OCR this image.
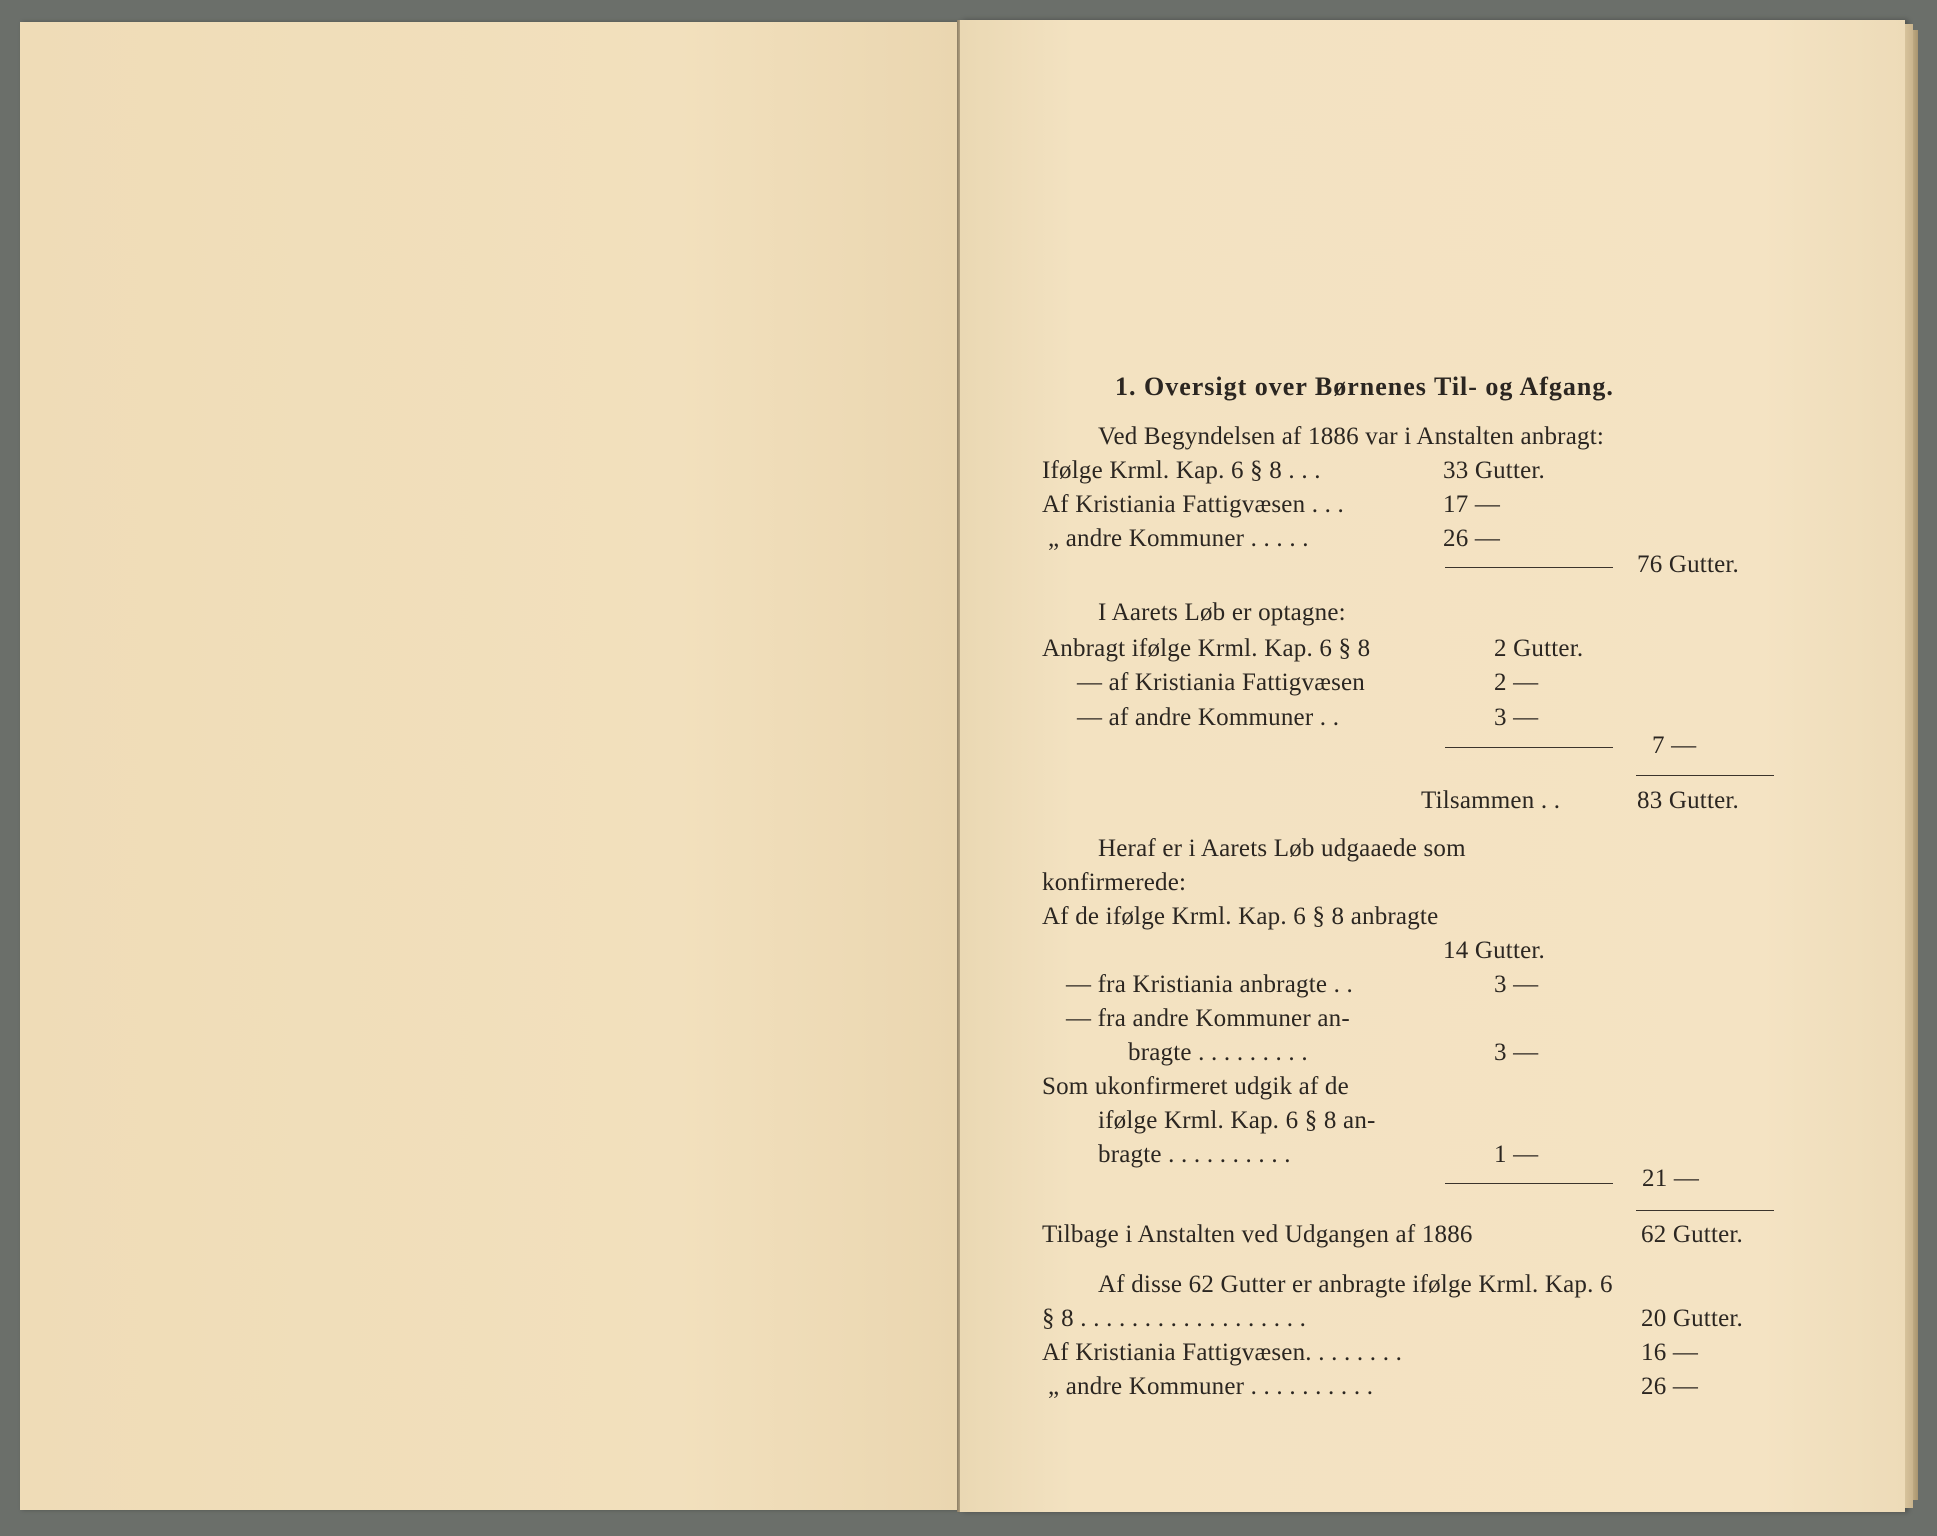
1. Oversigt over Børnenes Til- og Afgang.
Ved Begyndelsen af 1886 var i Anstalten anbragt:
Ifølge Krml. Kap. 6 § 8 . . .	33 Gutter.
Af Kristiania Fattigvæsen . . .	17 —
„ andre Kommuner . . . . .	26 —
76 Gutter.
I Aarets Løb er optagne:
Anbragt ifølge Krml. Kap. 6 § 8	2 Gutter.
— af Kristiania Fattigvæsen	2 —
— af andre Kommuner . .	3 —
7 —
Tilsammen . .	83 Gutter.
Heraf er i Aarets Løb udgaaede som
konfirmerede:
Af de ifølge Krml. Kap. 6 § 8 anbragte
14 Gutter.
— fra Kristiania anbragte . .	3 —
— fra andre Kommuner an-
bragte . . . . . . . . .	3 —
Som ukonfirmeret udgik af de
ifølge Krml. Kap. 6 § 8 an-
bragte . . . . . . . . . .	1 —
21 —
Tilbage i Anstalten ved Udgangen af 1886	62 Gutter.
Af disse 62 Gutter er anbragte ifølge Krml. Kap. 6
§ 8 . . . . . . . . . . . . . . . . . .	20 Gutter.
Af Kristiania Fattigvæsen. . . . . . . .	16 —
„ andre Kommuner . . . . . . . . . .	26 —
